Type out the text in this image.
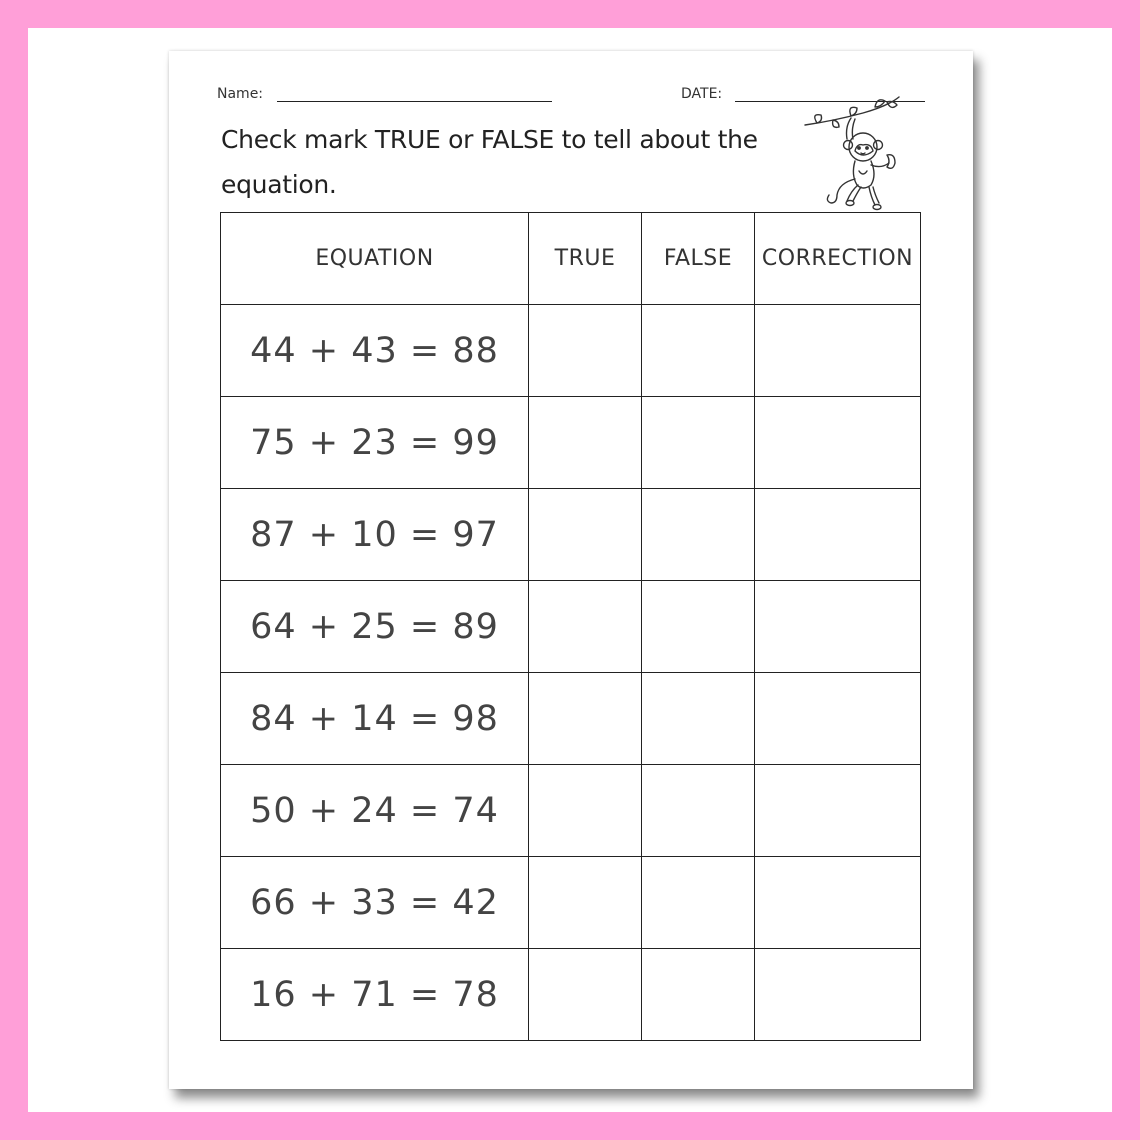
Name:	DATE:
Check mark TRUE or FALSE to tell about the equation.
EQUATION	TRUE	FALSE	CORRECTION
44 + 43 = 88			
75 + 23 = 99			
87 + 10 = 97			
64 + 25 = 89			
84 + 14 = 98			
50 + 24 = 74			
66 + 33 = 42			
16 + 71 = 78			
